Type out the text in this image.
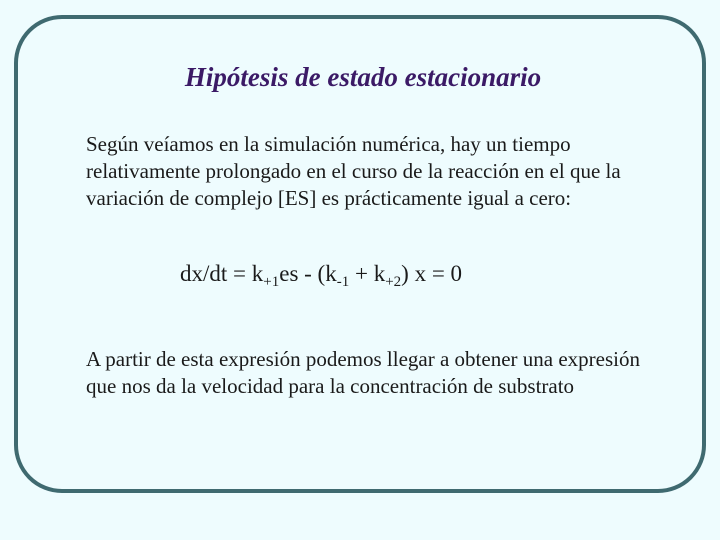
Hipótesis de estado estacionario

Según veíamos en la simulación numérica, hay un tiempo relativamente prolongado en el curso de la reacción en el que la variación de complejo [ES] es prácticamente igual a cero:

$dx/dt = k_{+1}es - (k_{-1} + k_{+2}) x = 0$

A partir de esta expresión podemos llegar a obtener una expresión que nos da la velocidad para la concentración de substrato
